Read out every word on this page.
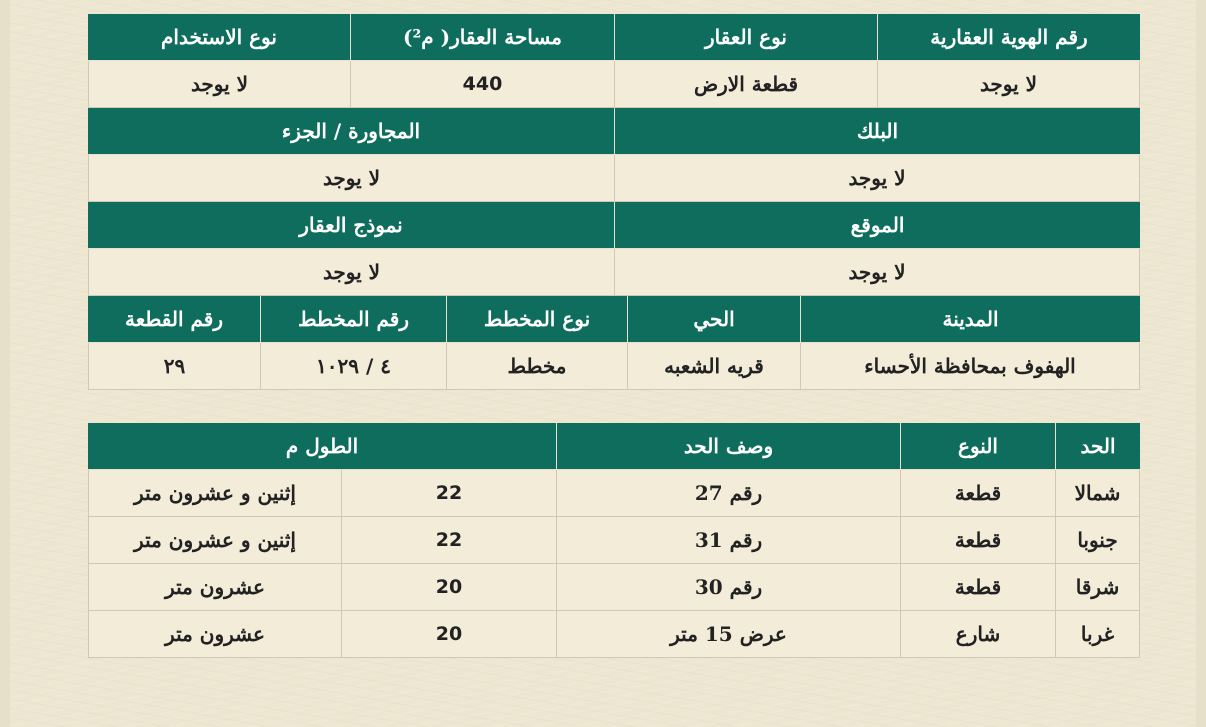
رقم الهوية العقارية
نوع العقار
مساحة العقار( م²)
نوع الاستخدام
لا يوجد
قطعة الارض
440
لا يوجد
البلك
المجاورة / الجزء
لا يوجد
لا يوجد
الموقع
نموذج العقار
لا يوجد
لا يوجد
المدينة
الحي
نوع المخطط
رقم المخطط
رقم القطعة
الهفوف بمحافظة الأحساء
قريه الشعبه
مخطط
٤ / ١٠٢٩
٢٩
الحد
النوع
وصف الحد
الطول م
شمالا
قطعة
رقم 27
22
إثنين و عشرون متر
جنوبا
قطعة
رقم 31
22
إثنين و عشرون متر
شرقا
قطعة
رقم 30
20
عشرون متر
غربا
شارع
عرض 15 متر
20
عشرون متر
